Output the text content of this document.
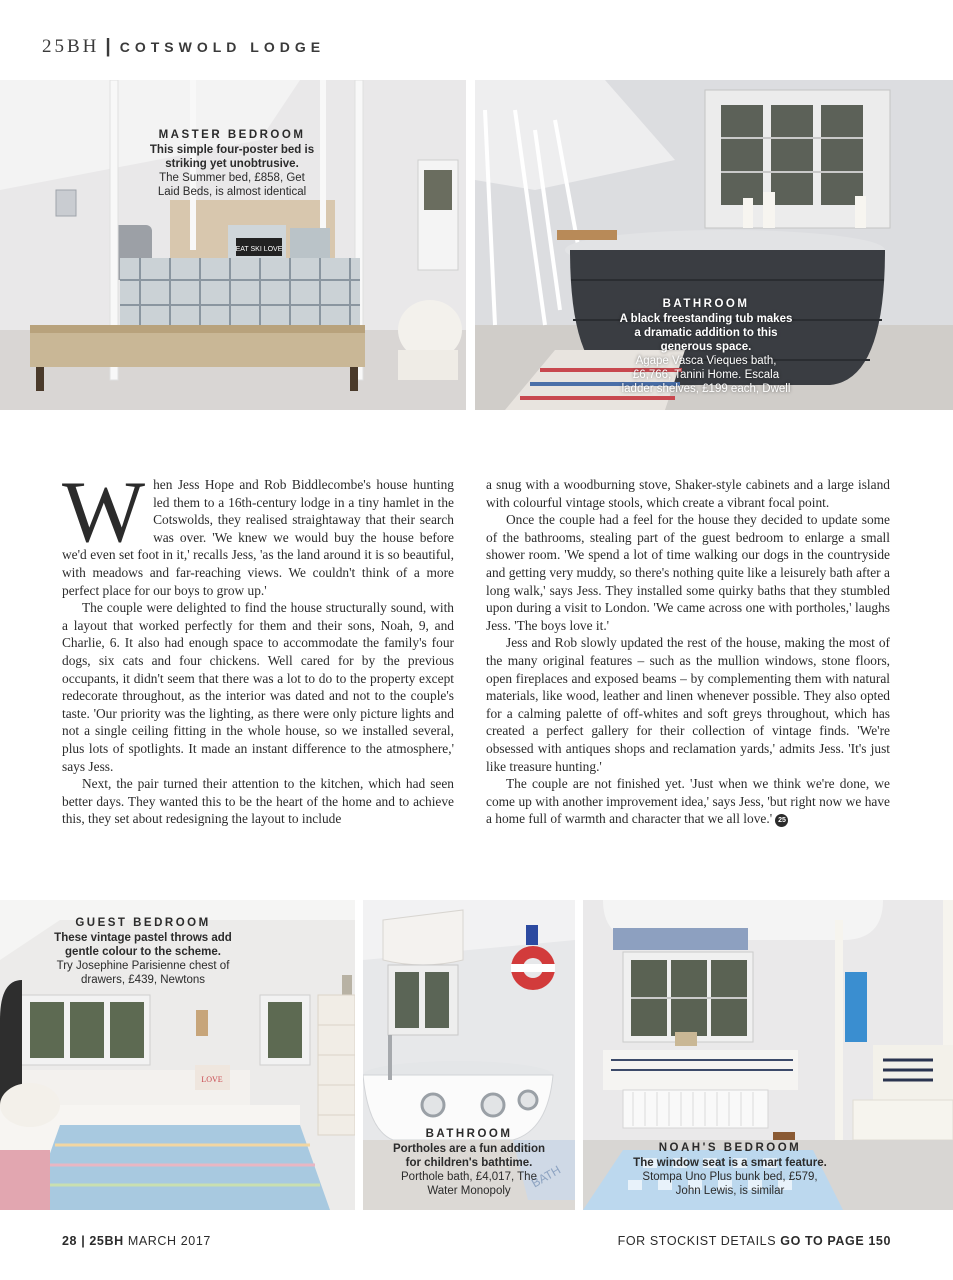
25BH | COTSWOLD LODGE
EAT SKI LOVE
MASTER BEDROOM
This simple four-poster bed is striking yet unobtrusive.
The Summer bed, £858, Get Laid Beds, is almost identical
BATHROOM
A black freestanding tub makes a dramatic addition to this generous space.
Agape Vasca Vieques bath, £6,766, Tanini Home. Escala ladder shelves, £199 each, Dwell

When Jess Hope and Rob Biddlecombe's house hunting led them to a 16th-century lodge in a tiny hamlet in the Cotswolds, they realised straightaway that their search was over. 'We knew we would buy the house before we'd even set foot in it,' recalls Jess, 'as the land around it is so beautiful, with meadows and far-reaching views. We couldn't think of a more perfect place for our boys to grow up.'

The couple were delighted to find the house structurally sound, with a layout that worked perfectly for them and their sons, Noah, 9, and Charlie, 6. It also had enough space to accommodate the family's four dogs, six cats and four chickens. Well cared for by the previous occupants, it didn't seem that there was a lot to do to the property except redecorate throughout, as the interior was dated and not to the couple's taste. 'Our priority was the lighting, as there were only picture lights and not a single ceiling fitting in the whole house, so we installed several, plus lots of spotlights. It made an instant difference to the atmosphere,' says Jess.

Next, the pair turned their attention to the kitchen, which had seen better days. They wanted this to be the heart of the home and to achieve this, they set about redesigning the layout to include

a snug with a woodburning stove, Shaker-style cabinets and a large island with colourful vintage stools, which create a vibrant focal point.

Once the couple had a feel for the house they decided to update some of the bathrooms, stealing part of the guest bedroom to enlarge a small shower room. 'We spend a lot of time walking our dogs in the countryside and getting very muddy, so there's nothing quite like a leisurely bath after a long walk,' says Jess. They installed some quirky baths that they stumbled upon during a visit to London. 'We came across one with portholes,' laughs Jess. 'The boys love it.'

Jess and Rob slowly updated the rest of the house, making the most of the many original features – such as the mullion windows, stone floors, open fireplaces and exposed beams – by complementing them with natural materials, like wood, leather and linen whenever possible. They also opted for a calming palette of off-whites and soft greys throughout, which has created a perfect gallery for their collection of vintage finds. 'We're obsessed with antiques shops and reclamation yards,' admits Jess. 'It's just like treasure hunting.'

The couple are not finished yet. 'Just when we think we're done, we come up with another improvement idea,' says Jess, 'but right now we have a home full of warmth and character that we all love.' 25

LOVE
GUEST BEDROOM
These vintage pastel throws add gentle colour to the scheme.
Try Josephine Parisienne chest of drawers, £439, Newtons
BATH
BATHROOM
Portholes are a fun addition for children's bathtime.
Porthole bath, £4,017, The Water Monopoly
NOAH'S BEDROOM
The window seat is a smart feature.
Stompa Uno Plus bunk bed, £579, John Lewis, is similar
28 | 25BH MARCH 2017	FOR STOCKIST DETAILS GO TO PAGE 150
